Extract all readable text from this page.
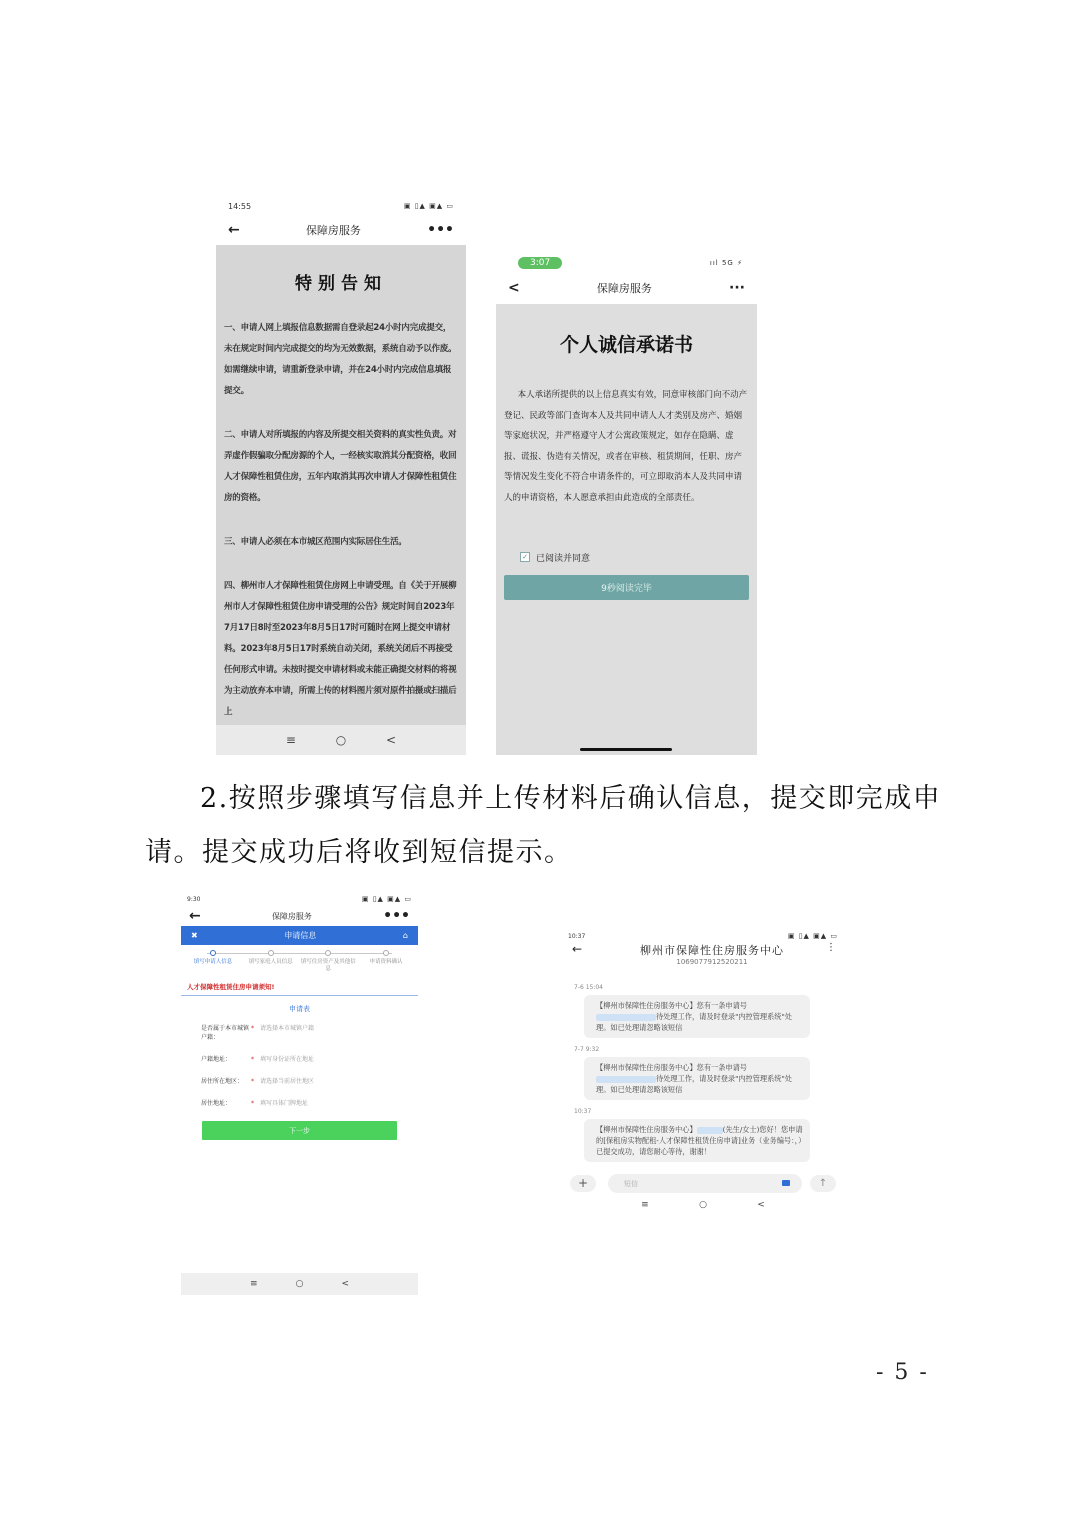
14:55	▣ ▯▲ ▣▲ ▭
←	保障房服务	•••
特别告知

一、申请人网上填报信息数据需自登录起24小时内完成提交，未在规定时间内完成提交的均为无效数据，系统自动予以作废。如需继续申请，请重新登录申请，并在24小时内完成信息填报提交。

二、申请人对所填报的内容及所提交相关资料的真实性负责。对弄虚作假骗取分配房源的个人，一经核实取消其分配资格，收回人才保障性租赁住房，五年内取消其再次申请人才保障性租赁住房的资格。

三、申请人必须在本市城区范围内实际居住生活。

四、柳州市人才保障性租赁住房网上申请受理。自《关于开展柳州市人才保障性租赁住房申请受理的公告》规定时间自2023年7月17日8时至2023年8月5日17时可随时在网上提交申请材料。2023年8月5日17时系统自动关闭，系统关闭后不再接受任何形式申请。未按时提交申请材料或未能正确提交材料的将视为主动放弃本申请，所需上传的材料图片须对原件拍摄或扫描后上

≡	○	<
3:07	ııl 5G ⚡
<	保障房服务	···
个人诚信承诺书

本人承诺所提供的以上信息真实有效，同意审核部门向不动产登记、民政等部门查询本人及共同申请人人才类别及房产、婚姻等家庭状况，并严格遵守人才公寓政策规定，如存在隐瞒、虚报、谎报、伪造有关情况，或者在审核、租赁期间，任职、房产等情况发生变化不符合申请条件的，可立即取消本人及共同申请人的申请资格，本人愿意承担由此造成的全部责任。

✓ 已阅读并同意
9秒阅读完毕
2.按照步骤填写信息并上传材料后确认信息，提交即完成申
请。提交成功后将收到短信提示。
9:30	▣ ▯▲ ▣▲ ▭
←	保障房服务	•••
✖	申请信息	⌂
填写申请人信息	填写家庭人员信息	填写住房资产及其他信息
申请资料确认
人才保障性租赁住房申请须知!
申请表
是否属于本市城镇户籍：
*	请选择本市城镇户籍
户籍地址：	*	填写身份证所在地址
居住所在地区：	*	请选择当前居住地区
居住地址：	*	填写具体门牌地址
下一步
≡	○	<
10:37	▣ ▯▲ ▣▲ ▭
←	柳州市保障性住房服务中心
1069077912520211
⋮
7-6 15:04
【柳州市保障性住房服务中心】您有一条申请号待处理工作，请及时登录"内控管理系统"处理。如已处理请忽略该短信
7-7 9:32
【柳州市保障性住房服务中心】您有一条申请号待处理工作，请及时登录"内控管理系统"处理。如已处理请忽略该短信
10:37
【柳州市保障性住房服务中心】	(先生/女士)您好！您申请的[保租房实物配租-人才保障性租赁住房申请]业务（业务编号：，）已提交成功，请您耐心等待，谢谢！
+	短信	↑
≡	○	<
- 5 -
